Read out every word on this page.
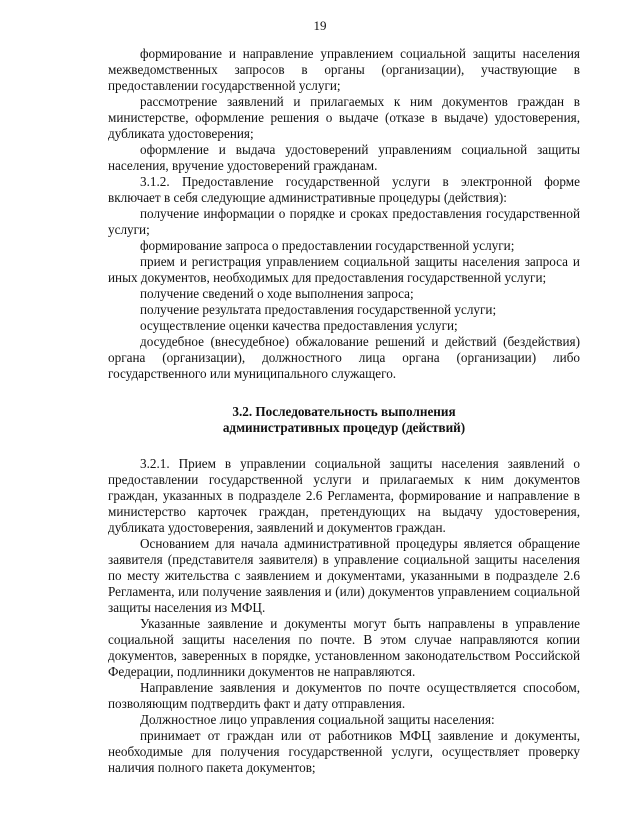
19

формирование и направление управлением социальной защиты населения межведомственных запросов в органы (организации), участвующие в предоставлении государственной услуги;

рассмотрение заявлений и прилагаемых к ним документов граждан в министерстве, оформление решения о выдаче (отказе в выдаче) удостоверения, дубликата удостоверения;

оформление и выдача удостоверений управлениям социальной защиты населения, вручение удостоверений гражданам.

3.1.2. Предоставление государственной услуги в электронной форме включает в себя следующие административные процедуры (действия):

получение информации о порядке и сроках предоставления государственной услуги;

формирование запроса о предоставлении государственной услуги;

прием и регистрация управлением социальной защиты населения запроса и иных документов, необходимых для предоставления государственной услуги;

получение сведений о ходе выполнения запроса;

получение результата предоставления государственной услуги;

осуществление оценки качества предоставления услуги;

досудебное (внесудебное) обжалование решений и действий (бездействия) органа (организации), должностного лица органа (организации) либо государственного или муниципального служащего.

3.2. Последовательность выполнения
административных процедур (действий)

3.2.1. Прием в управлении социальной защиты населения заявлений о предоставлении государственной услуги и прилагаемых к ним документов граждан, указанных в подразделе 2.6 Регламента, формирование и направление в министерство карточек граждан, претендующих на выдачу удостоверения, дубликата удостоверения, заявлений и документов граждан.

Основанием для начала административной процедуры является обращение заявителя (представителя заявителя) в управление социальной защиты населения по месту жительства с заявлением и документами, указанными в подразделе 2.6 Регламента, или получение заявления и (или) документов управлением социальной защиты населения из МФЦ.

Указанные заявление и документы могут быть направлены в управление социальной защиты населения по почте. В этом случае направляются копии документов, заверенных в порядке, установленном законодательством Российской Федерации, подлинники документов не направляются.

Направление заявления и документов по почте осуществляется способом, позволяющим подтвердить факт и дату отправления.

Должностное лицо управления социальной защиты населения:

принимает от граждан или от работников МФЦ заявление и документы, необходимые для получения государственной услуги, осуществляет проверку наличия полного пакета документов;
